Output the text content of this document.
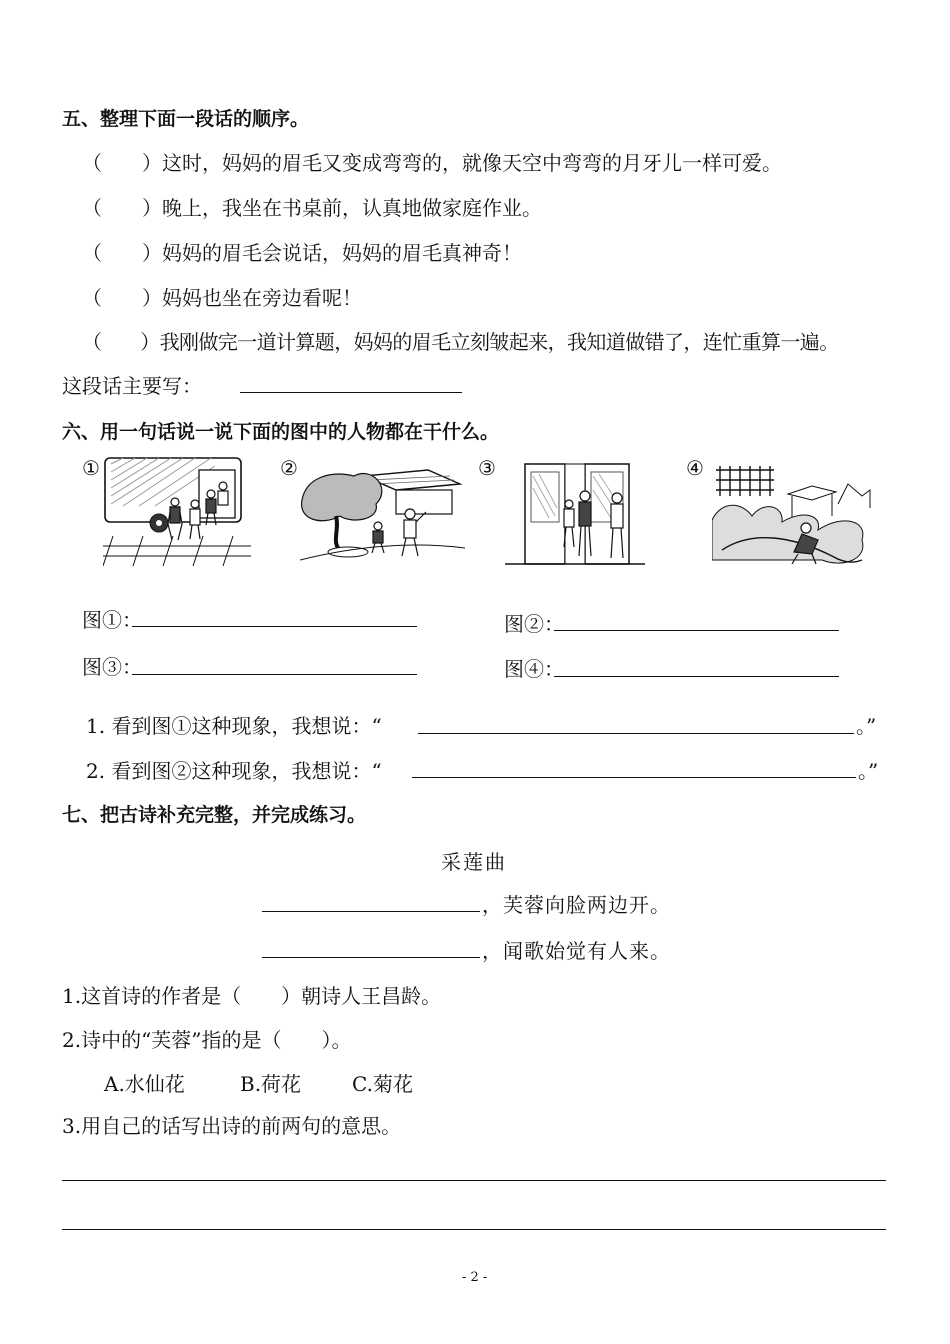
五、整理下面一段话的顺序。
（　　）这时，妈妈的眉毛又变成弯弯的，就像天空中弯弯的月牙儿一样可爱。
（　　）晚上，我坐在书桌前，认真地做家庭作业。
（　　）妈妈的眉毛会说话，妈妈的眉毛真神奇！
（　　）妈妈也坐在旁边看呢！
（　　）我刚做完一道计算题，妈妈的眉毛立刻皱起来，我知道做错了，连忙重算一遍。
这段话主要写：
六、用一句话说一说下面的图中的人物都在干什么。
①	②	③	④
图①：	图②：
图③：	图④：
1. 看到图①这种现象，我想说：“	。”
2. 看到图②这种现象，我想说：“	。”
七、把古诗补充完整，并完成练习。
采莲曲
，芙蓉向脸两边开。
，闻歌始觉有人来。
1.这首诗的作者是（　　）朝诗人王昌龄。
2.诗中的“芙蓉”指的是（　　）。
A.水仙花	B.荷花	C.菊花
3.用自己的话写出诗的前两句的意思。
- 2 -
